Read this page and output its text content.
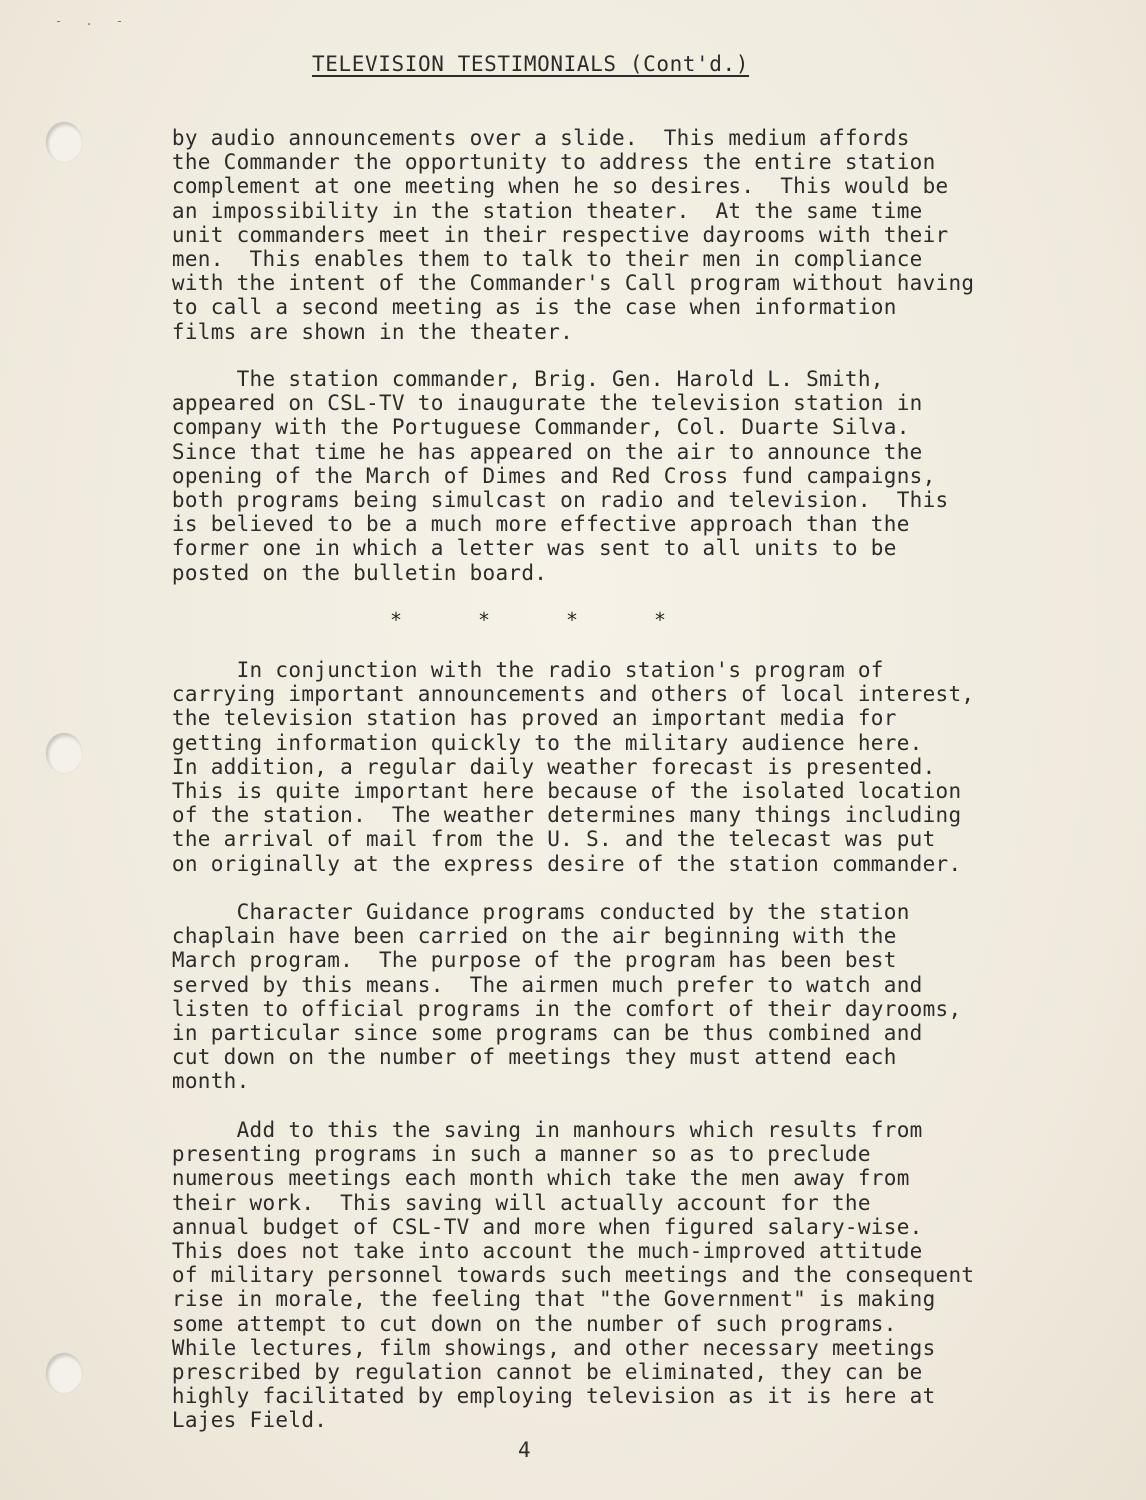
- . -
TELEVISION TESTIMONIALS (Cont'd.)

by audio announcements over a slide.  This medium affords
the Commander the opportunity to address the entire station
complement at one meeting when he so desires.  This would be
an impossibility in the station theater.  At the same time
unit commanders meet in their respective dayrooms with their
men.  This enables them to talk to their men in compliance
with the intent of the Commander's Call program without having
to call a second meeting as is the case when information
films are shown in the theater.

The station commander, Brig. Gen. Harold L. Smith,
appeared on CSL-TV to inaugurate the television station in
company with the Portuguese Commander, Col. Duarte Silva.
Since that time he has appeared on the air to announce the
opening of the March of Dimes and Red Cross fund campaigns,
both programs being simulcast on radio and television.  This
is believed to be a much more effective approach than the
former one in which a letter was sent to all units to be
posted on the bulletin board.

*	*	*	*

In conjunction with the radio station's program of
carrying important announcements and others of local interest,
the television station has proved an important media for
getting information quickly to the military audience here.
In addition, a regular daily weather forecast is presented.
This is quite important here because of the isolated location
of the station.  The weather determines many things including
the arrival of mail from the U. S. and the telecast was put
on originally at the express desire of the station commander.

Character Guidance programs conducted by the station
chaplain have been carried on the air beginning with the
March program.  The purpose of the program has been best
served by this means.  The airmen much prefer to watch and
listen to official programs in the comfort of their dayrooms,
in particular since some programs can be thus combined and
cut down on the number of meetings they must attend each
month.

Add to this the saving in manhours which results from
presenting programs in such a manner so as to preclude
numerous meetings each month which take the men away from
their work.  This saving will actually account for the
annual budget of CSL-TV and more when figured salary-wise.
This does not take into account the much-improved attitude
of military personnel towards such meetings and the consequent
rise in morale, the feeling that "the Government" is making
some attempt to cut down on the number of such programs.
While lectures, film showings, and other necessary meetings
prescribed by regulation cannot be eliminated, they can be
highly facilitated by employing television as it is here at
Lajes Field.

4
